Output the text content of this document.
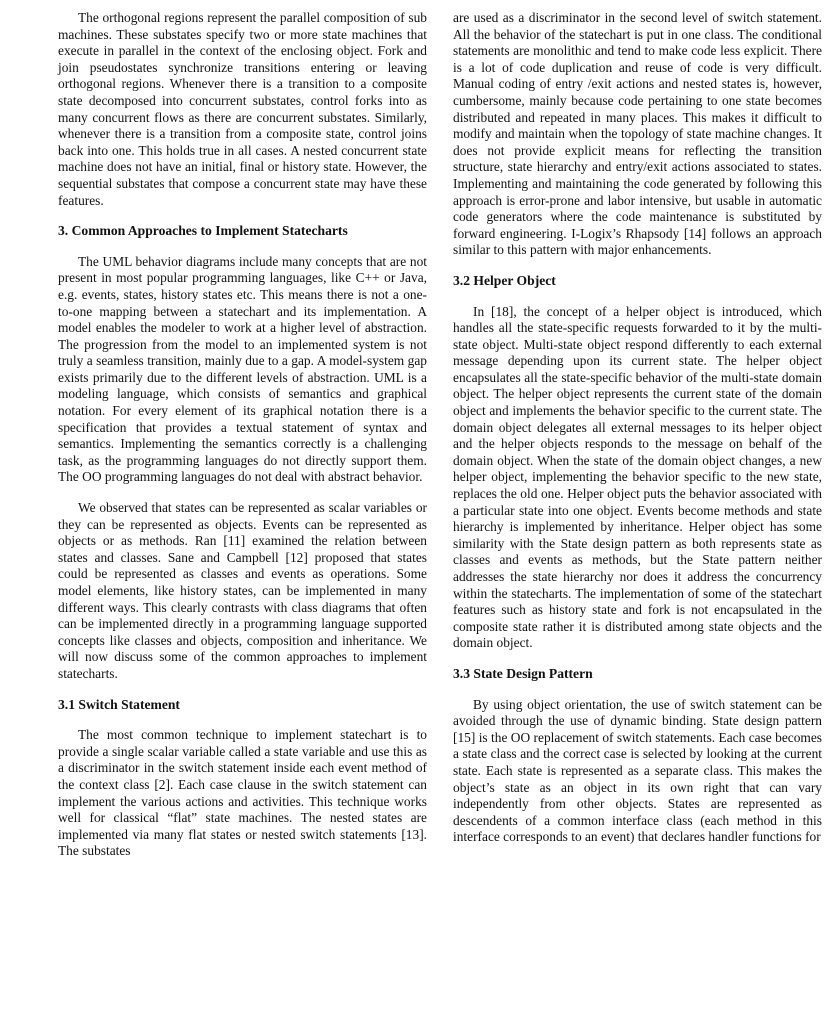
The orthogonal regions represent the parallel composition of sub machines. These substates specify two or more state machines that execute in parallel in the context of the enclosing object. Fork and join pseudostates synchronize transitions entering or leaving orthogonal regions. Whenever there is a transition to a composite state decomposed into concurrent substates, control forks into as many concurrent flows as there are concurrent substates. Similarly, whenever there is a transition from a composite state, control joins back into one. This holds true in all cases. A nested concurrent state machine does not have an initial, final or history state. However, the sequential substates that compose a concurrent state may have these features.

3. Common Approaches to Implement Statecharts

The UML behavior diagrams include many concepts that are not present in most popular programming languages, like C++ or Java, e.g. events, states, history states etc. This means there is not a one-to-one mapping between a statechart and its implementation. A model enables the modeler to work at a higher level of abstraction. The progression from the model to an implemented system is not truly a seamless transition, mainly due to a gap. A model-system gap exists primarily due to the different levels of abstraction. UML is a modeling language, which consists of semantics and graphical notation. For every element of its graphical notation there is a specification that provides a textual statement of syntax and semantics. Implementing the semantics correctly is a challenging task, as the programming languages do not directly support them. The OO programming languages do not deal with abstract behavior.

We observed that states can be represented as scalar variables or they can be represented as objects. Events can be represented as objects or as methods. Ran [11] examined the relation between states and classes. Sane and Campbell [12] proposed that states could be represented as classes and events as operations. Some model elements, like history states, can be implemented in many different ways. This clearly contrasts with class diagrams that often can be implemented directly in a programming language supported concepts like classes and objects, composition and inheritance. We will now discuss some of the common approaches to implement statecharts.

3.1 Switch Statement

The most common technique to implement statechart is to provide a single scalar variable called a state variable and use this as a discriminator in the switch statement inside each event method of the context class [2]. Each case clause in the switch statement can implement the various actions and activities. This technique works well for classical “flat” state machines. The nested states are implemented via many flat states or nested switch statements [13]. The substates

are used as a discriminator in the second level of switch statement. All the behavior of the statechart is put in one class. The conditional statements are monolithic and tend to make code less explicit. There is a lot of code duplication and reuse of code is very difficult. Manual coding of entry /exit actions and nested states is, however, cumbersome, mainly because code pertaining to one state becomes distributed and repeated in many places. This makes it difficult to modify and maintain when the topology of state machine changes. It does not provide explicit means for reflecting the transition structure, state hierarchy and entry/exit actions associated to states. Implementing and maintaining the code generated by following this approach is error-prone and labor intensive, but usable in automatic code generators where the code maintenance is substituted by forward engineering. I-Logix’s Rhapsody [14] follows an approach similar to this pattern with major enhancements.

3.2 Helper Object

In [18], the concept of a helper object is introduced, which handles all the state-specific requests forwarded to it by the multi-state object. Multi-state object respond differently to each external message depending upon its current state. The helper object encapsulates all the state-specific behavior of the multi-state domain object. The helper object represents the current state of the domain object and implements the behavior specific to the current state. The domain object delegates all external messages to its helper object and the helper objects responds to the message on behalf of the domain object. When the state of the domain object changes, a new helper object, implementing the behavior specific to the new state, replaces the old one. Helper object puts the behavior associated with a particular state into one object. Events become methods and state hierarchy is implemented by inheritance. Helper object has some similarity with the State design pattern as both represents state as classes and events as methods, but the State pattern neither addresses the state hierarchy nor does it address the concurrency within the statecharts. The implementation of some of the statechart features such as history state and fork is not encapsulated in the composite state rather it is distributed among state objects and the domain object.

3.3 State Design Pattern

By using object orientation, the use of switch statement can be avoided through the use of dynamic binding. State design pattern [15] is the OO replacement of switch statements. Each case becomes a state class and the correct case is selected by looking at the current state. Each state is represented as a separate class. This makes the object’s state as an object in its own right that can vary independently from other objects. States are represented as descendents of a common interface class (each method in this interface corresponds to an event) that declares handler functions for
